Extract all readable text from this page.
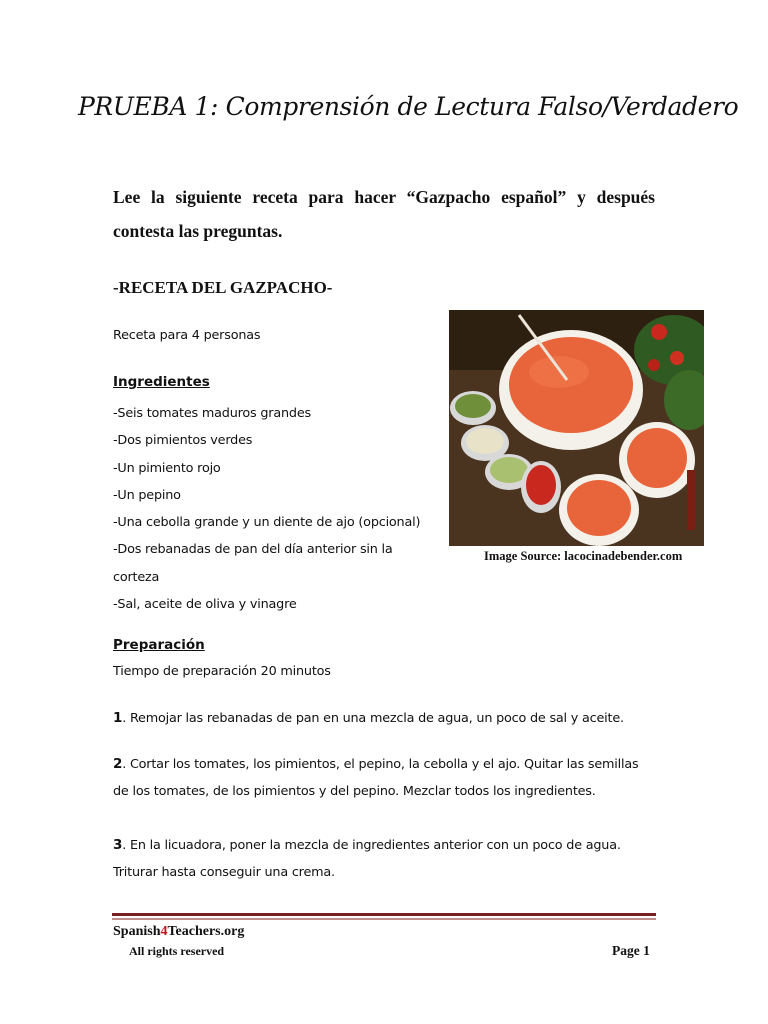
PRUEBA 1: Comprensión de Lectura Falso/Verdadero
Lee la siguiente receta para hacer “Gazpacho español” y después contesta las preguntas.
-RECETA DEL GAZPACHO-
Receta para 4 personas
Ingredientes
-Seis tomates maduros grandes
-Dos pimientos verdes
-Un pimiento rojo
-Un pepino
-Una cebolla grande y un diente de ajo (opcional)
-Dos rebanadas de pan del día anterior sin la corteza
-Sal, aceite de oliva y vinagre
Image Source: lacocinadebender.com
Preparación
Tiempo de preparación 20 minutos
1. Remojar las rebanadas de pan en una mezcla de agua, un poco de sal y aceite.
2. Cortar los tomates, los pimientos, el pepino, la cebolla y el ajo. Quitar las semillas de los tomates, de los pimientos y del pepino. Mezclar todos los ingredientes.
3. En la licuadora, poner la mezcla de ingredientes anterior con un poco de agua. Triturar hasta conseguir una crema.
Spanish4Teachers.org
All rights reserved	Page 1
